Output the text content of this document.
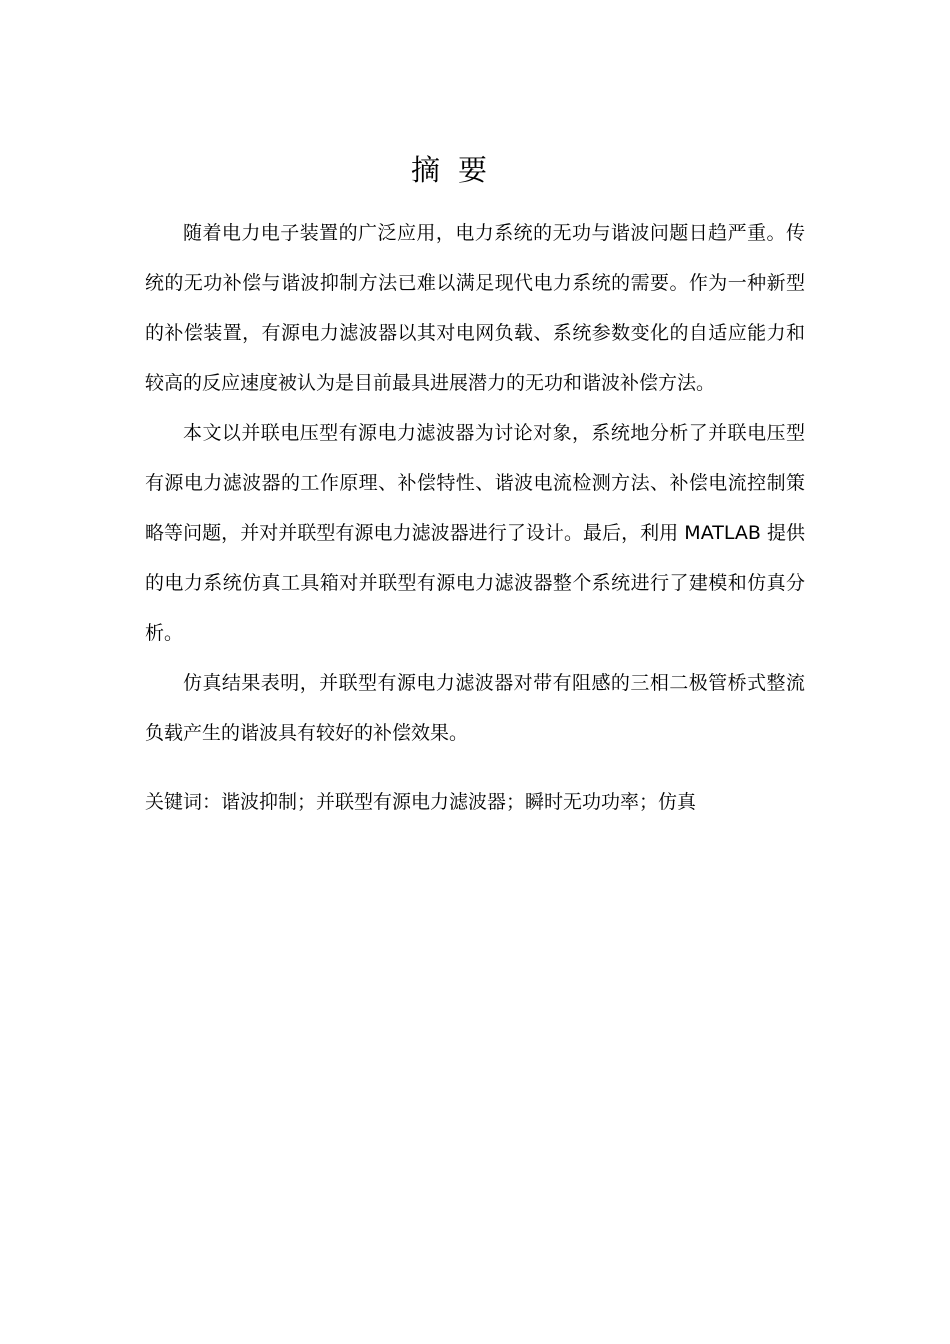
摘要

随着电力电子装置的广泛应用，电力系统的无功与谐波问题日趋严重。传统的无功补偿与谐波抑制方法已难以满足现代电力系统的需要。作为一种新型的补偿装置，有源电力滤波器以其对电网负载、系统参数变化的自适应能力和较高的反应速度被认为是目前最具进展潜力的无功和谐波补偿方法。

本文以并联电压型有源电力滤波器为讨论对象，系统地分析了并联电压型有源电力滤波器的工作原理、补偿特性、谐波电流检测方法、补偿电流控制策略等问题，并对并联型有源电力滤波器进行了设计。最后，利用 MATLAB 提供的电力系统仿真工具箱对并联型有源电力滤波器整个系统进行了建模和仿真分析。

仿真结果表明，并联型有源电力滤波器对带有阻感的三相二极管桥式整流负载产生的谐波具有较好的补偿效果。

关键词：谐波抑制；并联型有源电力滤波器；瞬时无功功率；仿真
